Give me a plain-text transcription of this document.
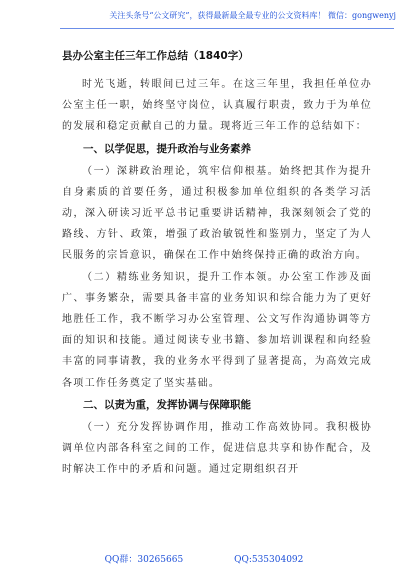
关注头条号“公文研究”，获得最新最全最专业的公文资料库！ 微信：gongwenyj
县办公室主任三年工作总结（1840字）

时光飞逝，转眼间已过三年。在这三年里，我担任单位办公室主任一职，始终坚守岗位，认真履行职责，致力于为单位的发展和稳定贡献自己的力量。现将近三年工作的总结如下：

一、以学促思，提升政治与业务素养

（一）深耕政治理论，筑牢信仰根基。始终把其作为提升自身素质的首要任务，通过积极参加单位组织的各类学习活动，深入研读习近平总书记重要讲话精神，我深刻领会了党的路线、方针、政策，增强了政治敏锐性和鉴别力，坚定了为人民服务的宗旨意识，确保在工作中始终保持正确的政治方向。

（二）精练业务知识，提升工作本领。办公室工作涉及面广、事务繁杂，需要具备丰富的业务知识和综合能力为了更好地胜任工作，我不断学习办公室管理、公文写作沟通协调等方面的知识和技能。通过阅读专业书籍、参加培训课程和向经验丰富的同事请教，我的业务水平得到了显著提高，为高效完成各项工作任务奠定了坚实基础。

二、以责为重，发挥协调与保障职能

（一）充分发挥协调作用，推动工作高效协同。我积极协调单位内部各科室之间的工作，促进信息共享和协作配合，及时解决工作中的矛盾和问题。通过定期组织召开

QQ群：30265665	QQ:535304092
